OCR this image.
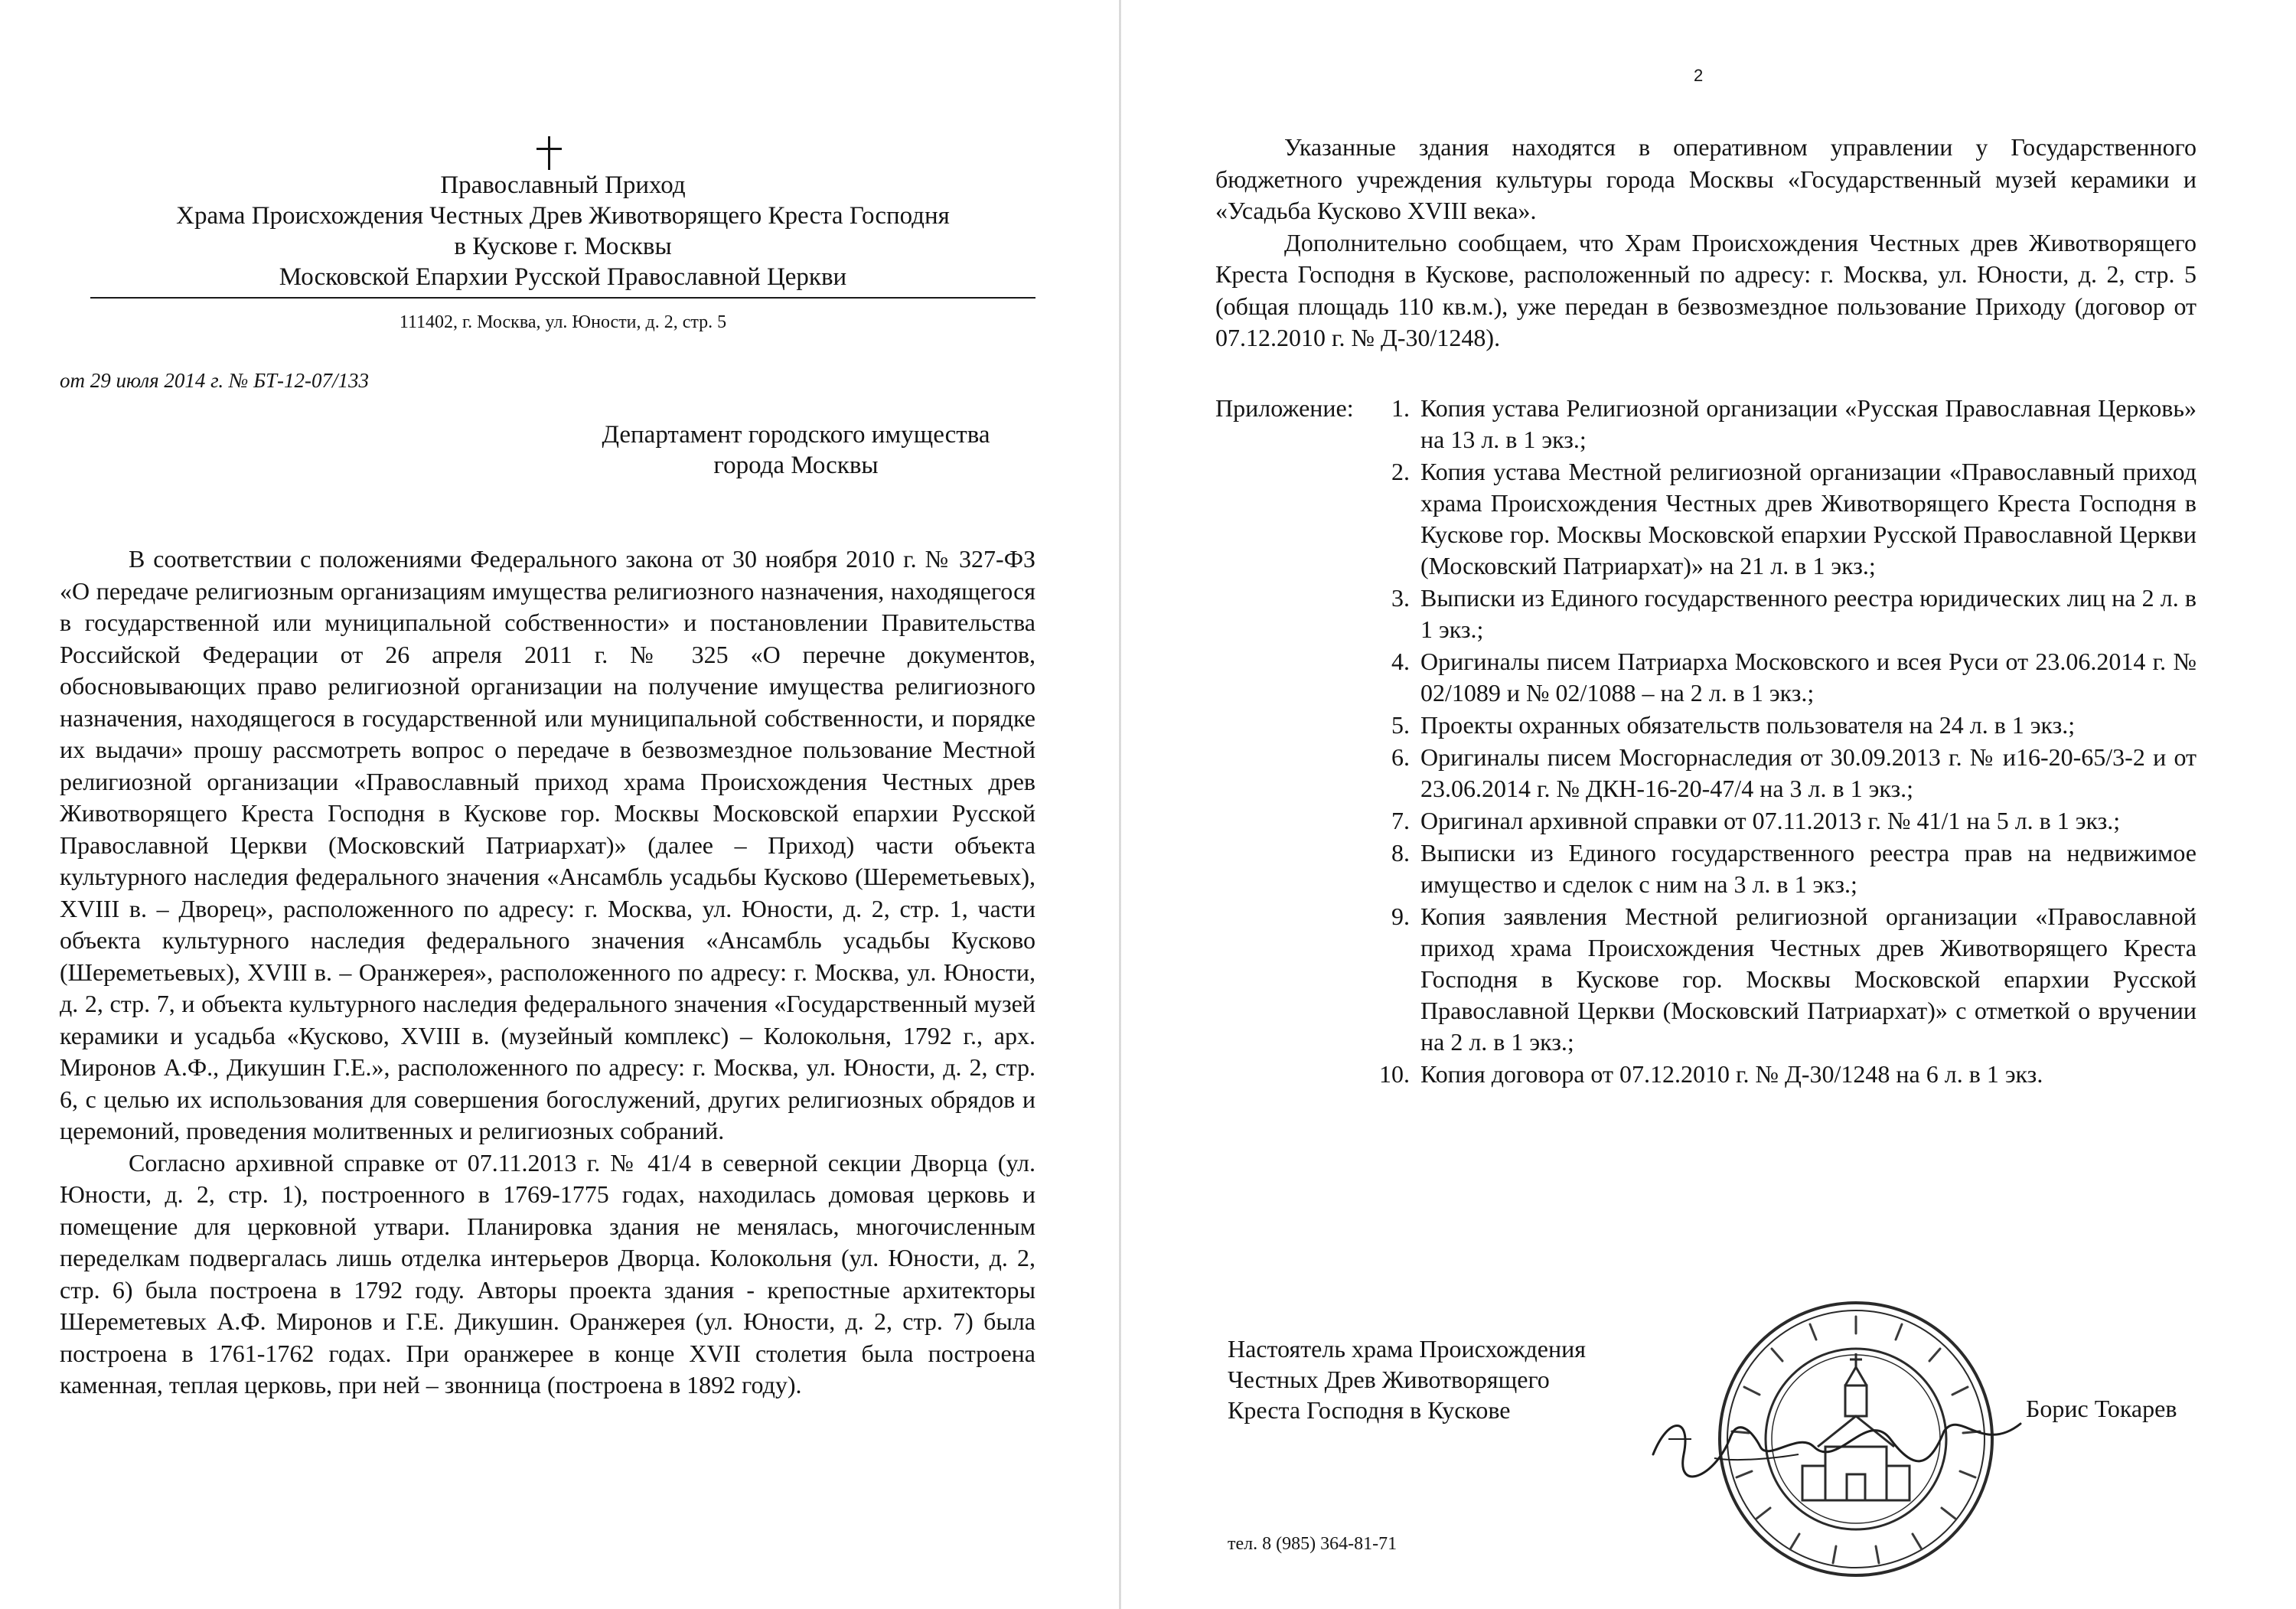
Православный Приход
Храма Происхождения Честных Древ Животворящего Креста Господня
в Кускове г. Москвы
Московской Епархии Русской Православной Церкви
111402, г. Москва, ул. Юности, д. 2, стр. 5
от 29 июля 2014 г. № БТ-12-07/133
Департамент городского имущества
города Москвы

В соответствии с положениями Федерального закона от 30 ноября 2010 г. № 327-ФЗ «О передаче религиозным организациям имущества религиозного назначения, находящегося в государственной или муниципальной собственности» и постановлении Правительства Российской Федерации от 26 апреля 2011 г. № 325 «О перечне документов, обосновывающих право религиозной организации на получение имущества религиозного назначения, находящегося в государственной или муниципальной собственности, и порядке их выдачи» прошу рассмотреть вопрос о передаче в безвозмездное пользование Местной религиозной организации «Православный приход храма Происхождения Честных древ Животворящего Креста Господня в Кускове гор. Москвы Московской епархии Русской Православной Церкви (Московский Патриархат)» (далее – Приход) части объекта культурного наследия федерального значения «Ансамбль усадьбы Кусково (Шереметьевых), XVIII в. – Дворец», расположенного по адресу: г. Москва, ул. Юности, д. 2, стр. 1, части объекта культурного наследия федерального значения «Ансамбль усадьбы Кусково (Шереметьевых), XVIII в. – Оранжерея», расположенного по адресу: г. Москва, ул. Юности, д. 2, стр. 7, и объекта культурного наследия федерального значения «Государственный музей керамики и усадьба «Кусково, XVIII в. (музейный комплекс) – Колокольня, 1792 г., арх. Миронов А.Ф., Дикушин Г.Е.», расположенного по адресу: г. Москва, ул. Юности, д. 2, стр. 6, с целью их использования для совершения богослужений, других религиозных обрядов и церемоний, проведения молитвенных и религиозных собраний.

Согласно архивной справке от 07.11.2013 г. № 41/4 в северной секции Дворца (ул. Юности, д. 2, стр. 1), построенного в 1769-1775 годах, находилась домовая церковь и помещение для церковной утвари. Планировка здания не менялась, многочисленным переделкам подвергалась лишь отделка интерьеров Дворца. Колокольня (ул. Юности, д. 2, стр. 6) была построена в 1792 году. Авторы проекта здания - крепостные архитекторы Шереметевых А.Ф. Миронов и Г.Е. Дикушин. Оранжерея (ул. Юности, д. 2, стр. 7) была построена в 1761-1762 годах. При оранжерее в конце XVII столетия была построена каменная, теплая церковь, при ней – звонница (построена в 1892 году).

2

Указанные здания находятся в оперативном управлении у Государственного бюджетного учреждения культуры города Москвы «Государственный музей керамики и «Усадьба Кусково XVIII века».

Дополнительно сообщаем, что Храм Происхождения Честных древ Животворящего Креста Господня в Кускове, расположенный по адресу: г. Москва, ул. Юности, д. 2, стр. 5 (общая площадь 110 кв.м.), уже передан в безвозмездное пользование Приходу (договор от 07.12.2010 г. № Д-30/1248).

Приложение:	1. Копия устава Религиозной организации «Русская Православная Церковь» на 13 л. в 1 экз.;
2. Копия устава Местной религиозной организации «Православный приход храма Происхождения Честных древ Животворящего Креста Господня в Кускове гор. Москвы Московской епархии Русской Православной Церкви (Московский Патриархат)» на 21 л. в 1 экз.;
3. Выписки из Единого государственного реестра юридических лиц на 2 л. в 1 экз.;
4. Оригиналы писем Патриарха Московского и всея Руси от 23.06.2014 г. № 02/1089 и № 02/1088 – на 2 л. в 1 экз.;
5. Проекты охранных обязательств пользователя на 24 л. в 1 экз.;
6. Оригиналы писем Мосгорнаследия от 30.09.2013 г. № и16-20-65/3-2 и от 23.06.2014 г. № ДКН-16-20-47/4 на 3 л. в 1 экз.;
7. Оригинал архивной справки от 07.11.2013 г. № 41/1 на 5 л. в 1 экз.;
8. Выписки из Единого государственного реестра прав на недвижимое имущество и сделок с ним на 3 л. в 1 экз.;
9. Копия заявления Местной религиозной организации «Православной приход храма Происхождения Честных древ Животворящего Креста Господня в Кускове гор. Москвы Московской епархии Русской Православной Церкви (Московский Патриархат)» с отметкой о вручении на 2 л. в 1 экз.;
10. Копия договора от 07.12.2010 г. № Д-30/1248 на 6 л. в 1 экз.
Настоятель храма Происхождения
Честных Древ Животворящего
Креста Господня в Кускове	Борис Токарев
тел. 8 (985) 364-81-71
